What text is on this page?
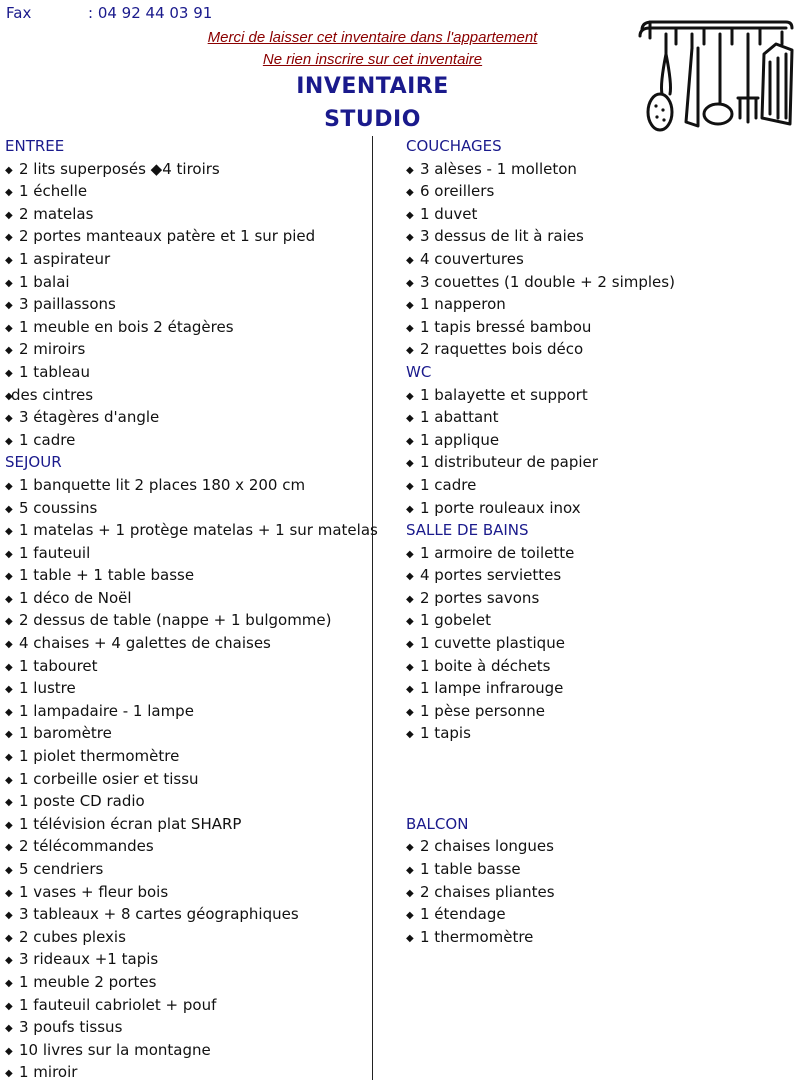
Fax	: 04 92 44 03 91
Merci de laisser cet inventaire dans l'appartement
Ne rien inscrire sur cet inventaire
INVENTAIRE
STUDIO
ENTREE
◆ 2 lits superposés ◆4 tiroirs
◆ 1 échelle
◆ 2 matelas
◆ 2 portes manteaux patère et 1 sur pied
◆ 1 aspirateur
◆ 1 balai
◆ 3 paillassons
◆ 1 meuble en bois 2 étagères
◆ 2 miroirs
◆ 1 tableau
◆des cintres
◆ 3 étagères d'angle
◆ 1 cadre
SEJOUR
◆ 1 banquette lit 2 places 180 x 200 cm
◆ 5 coussins
◆ 1 matelas + 1 protège matelas + 1 sur matelas
◆ 1 fauteuil
◆ 1 table + 1 table basse
◆ 1 déco de Noël
◆ 2 dessus de table (nappe + 1 bulgomme)
◆ 4 chaises + 4 galettes de chaises
◆ 1 tabouret
◆ 1 lustre
◆ 1 lampadaire - 1 lampe
◆ 1 baromètre
◆ 1 piolet thermomètre
◆ 1 corbeille osier et tissu
◆ 1 poste CD radio
◆ 1 télévision écran plat SHARP
◆ 2 télécommandes
◆ 5 cendriers
◆ 1 vases + fleur bois
◆ 3 tableaux + 8 cartes géographiques
◆ 2 cubes plexis
◆ 3 rideaux +1 tapis
◆ 1 meuble 2 portes
◆ 1 fauteuil cabriolet + pouf
◆ 3 poufs tissus
◆ 10 livres sur la montagne
◆ 1 miroir
COUCHAGES
◆ 3 alèses - 1 molleton
◆ 6 oreillers
◆ 1 duvet
◆ 3 dessus de lit à raies
◆ 4 couvertures
◆ 3 couettes (1 double + 2 simples)
◆ 1 napperon
◆ 1 tapis bressé bambou
◆ 2 raquettes bois déco
WC
◆ 1 balayette et support
◆ 1 abattant
◆ 1 applique
◆ 1 distributeur de papier
◆ 1 cadre
◆ 1 porte rouleaux inox
SALLE DE BAINS
◆ 1 armoire de toilette
◆ 4 portes serviettes
◆ 2 portes savons
◆ 1 gobelet
◆ 1 cuvette plastique
◆ 1 boite à déchets
◆ 1 lampe infrarouge
◆ 1 pèse personne
◆ 1 tapis
BALCON
◆ 2 chaises longues
◆ 1 table basse
◆ 2 chaises pliantes
◆ 1 étendage
◆ 1 thermomètre
